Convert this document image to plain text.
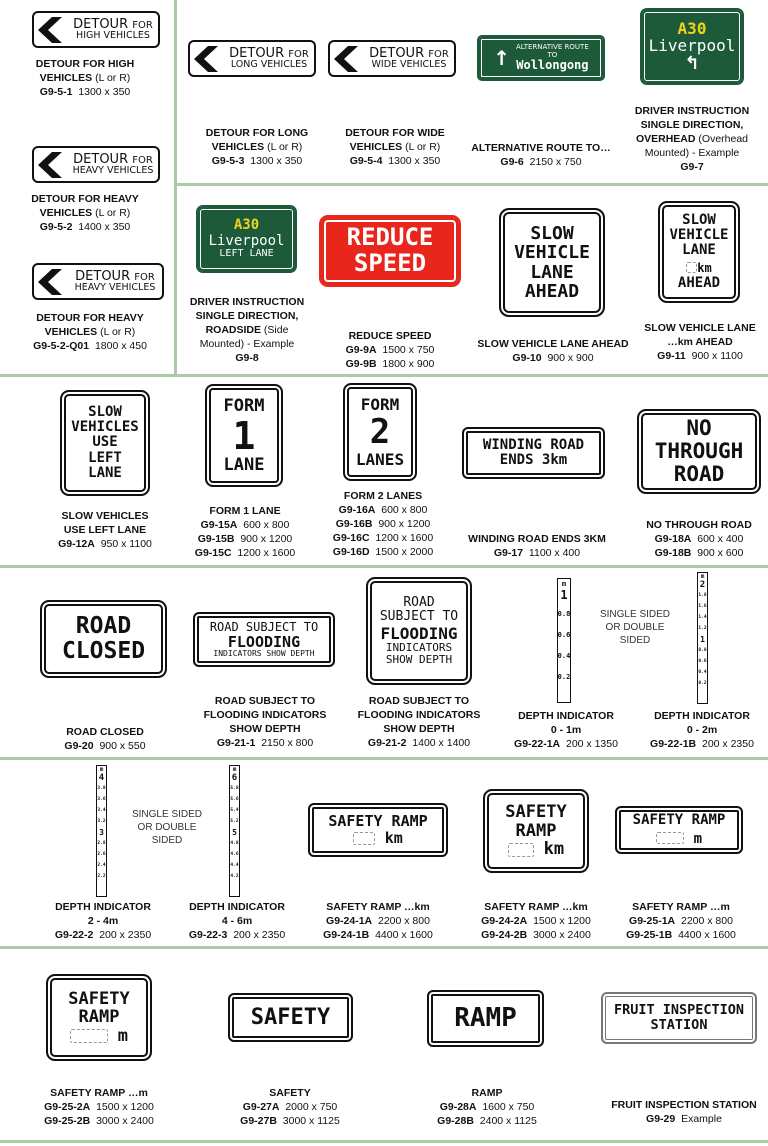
DETOUR FOR
HIGH VEHICLES
DETOUR FOR HIGH
VEHICLES (L or R)
G9-5-1 1300 x 350
DETOUR FOR
HEAVY VEHICLES
DETOUR FOR HEAVY
VEHICLES (L or R)
G9-5-2 1400 x 350
DETOUR FOR
HEAVY VEHICLES
DETOUR FOR HEAVY
VEHICLES (L or R)
G9-5-2-Q01 1800 x 450
DETOUR FOR
LONG VEHICLES
DETOUR FOR LONG
VEHICLES (L or R)
G9-5-3 1300 x 350
DETOUR FOR
WIDE VEHICLES
DETOUR FOR WIDE
VEHICLES (L or R)
G9-5-4 1300 x 350
↑ ALTERNATIVE ROUTE
TO
Wollongong
ALTERNATIVE ROUTE TO…
G9-6 2150 x 750
A30
Liverpool
↰
DRIVER INSTRUCTION
SINGLE DIRECTION,
OVERHEAD (Overhead
Mounted) - Example
G9-7
A30
Liverpool
LEFT LANE
DRIVER INSTRUCTION
SINGLE DIRECTION,
ROADSIDE (Side
Mounted) - Example
G9-8
REDUCE
SPEED
REDUCE SPEED
G9-9A 1500 x 750
G9-9B 1800 x 900
SLOW
VEHICLE
LANE
AHEAD
SLOW VEHICLE LANE AHEAD
G9-10 900 x 900
SLOW
VEHICLE
LANE
km
AHEAD
SLOW VEHICLE LANE
…km AHEAD
G9-11 900 x 1100
SLOW
VEHICLES
USE
LEFT
LANE
SLOW VEHICLES
USE LEFT LANE
G9-12A 950 x 1100
FORM
1
LANE
FORM 1 LANE
G9-15A 600 x 800
G9-15B 900 x 1200
G9-15C 1200 x 1600
FORM
2
LANES
FORM 2 LANES
G9-16A 600 x 800
G9-16B 900 x 1200
G9-16C 1200 x 1600
G9-16D 1500 x 2000
WINDING ROAD
ENDS 3km
WINDING ROAD ENDS 3KM
G9-17 1100 x 400
NO
THROUGH
ROAD
NO THROUGH ROAD
G9-18A 600 x 400
G9-18B 900 x 600
ROAD
CLOSED
ROAD CLOSED
G9-20 900 x 550
ROAD SUBJECT TO
FLOODING
INDICATORS SHOW DEPTH
ROAD SUBJECT TO
FLOODING INDICATORS
SHOW DEPTH
G9-21-1 2150 x 800
ROAD
SUBJECT TO
FLOODING
INDICATORS
SHOW DEPTH
ROAD SUBJECT TO
FLOODING INDICATORS
SHOW DEPTH
G9-21-2 1400 x 1400
m
1
0.8
0.6
0.4
0.2
SINGLE SIDED
OR DOUBLE
SIDED
DEPTH INDICATOR
0 - 1m
G9-22-1A 200 x 1350
m
2
1.8
1.6
1.4
1.2
1
0.8
0.6
0.4
0.2
DEPTH INDICATOR
0 - 2m
G9-22-1B 200 x 2350
m
4
3.8
3.6
3.4
3.2
3
2.8
2.6
2.4
2.2
DEPTH INDICATOR
2 - 4m
G9-22-2 200 x 2350
SINGLE SIDED
OR DOUBLE
SIDED
m
6
5.8
5.6
5.4
5.2
5
4.8
4.6
4.4
4.2
DEPTH INDICATOR
4 - 6m
G9-22-3 200 x 2350
SAFETY RAMP
km
SAFETY RAMP …km
G9-24-1A 2200 x 800
G9-24-1B 4400 x 1600
SAFETY
RAMP
km
SAFETY RAMP …km
G9-24-2A 1500 x 1200
G9-24-2B 3000 x 2400
SAFETY RAMP
m
SAFETY RAMP …m
G9-25-1A 2200 x 800
G9-25-1B 4400 x 1600
SAFETY
RAMP
m
SAFETY RAMP …m
G9-25-2A 1500 x 1200
G9-25-2B 3000 x 2400
SAFETY
SAFETY
G9-27A 2000 x 750
G9-27B 3000 x 1125
RAMP
RAMP
G9-28A 1600 x 750
G9-28B 2400 x 1125
FRUIT INSPECTION
STATION
FRUIT INSPECTION STATION
G9-29 Example
